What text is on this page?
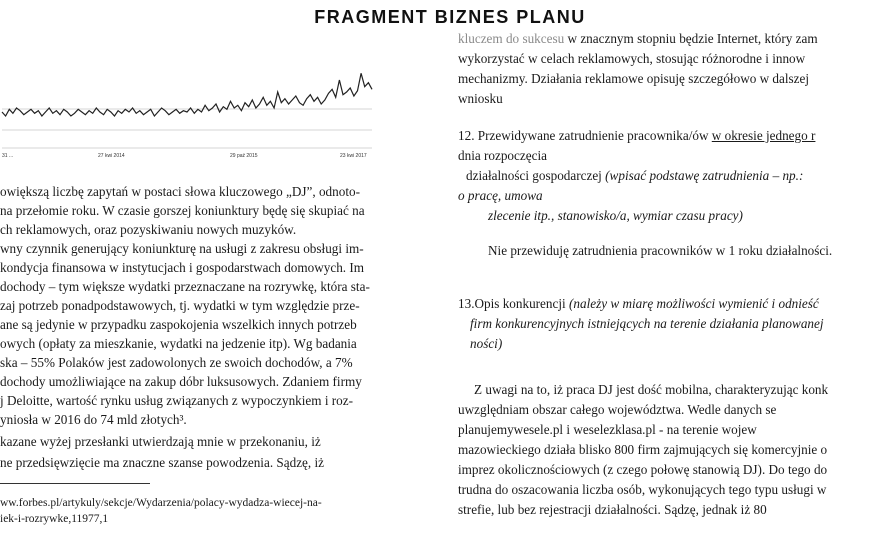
FRAGMENT BIZNES PLANU
31 ...	27 kwi 2014	29 paź 2015	23 kwi 2017
owiększą liczbę zapytań w postaci słowa kluczowego „DJ”, odnoto-
na przełomie roku. W czasie gorszej koniunktury będę się skupiać na
ch reklamowych, oraz pozyskiwaniu nowych muzyków.
wny czynnik generujący koniunkturę na usługi z zakresu obsługi im-
kondycja finansowa w instytucjach i gospodarstwach domowych. Im
dochody – tym większe wydatki przeznaczane na rozrywkę, która sta-
zaj potrzeb ponadpodstawowych, tj. wydatki w tym względzie prze-
ane są jedynie w przypadku zaspokojenia wszelkich innych potrzeb
owych (opłaty za mieszkanie, wydatki na jedzenie itp). Wg badania
ska – 55% Polaków jest zadowolonych ze swoich dochodów, a 7%
dochody umożliwiające na zakup dóbr luksusowych. Zdaniem firmy
j Deloitte, wartość rynku usług związanych z wypoczynkiem i roz-
yniosła w 2016 do 74 mld złotych³.
kazane wyżej przesłanki utwierdzają mnie w przekonaniu, iż
ne przedsięwzięcie ma znaczne szanse powodzenia. Sądzę, iż
ww.forbes.pl/artykuly/sekcje/Wydarzenia/polacy-wydadza-wiecej-na-
iek-i-rozrywke,11977,1
kluczem do sukcesu w znacznym stopniu będzie Internet, który zam
wykorzystać w celach reklamowych, stosując różnorodne i innow
mechanizmy. Działania reklamowe opisuję szczegółowo w dalszej
wniosku
12. Przewidywane zatrudnienie pracownika/ów w okresie jednego r
dnia rozpoczęcia
działalności gospodarczej (wpisać podstawę zatrudnienia – np.:
o pracę, umowa
zlecenie itp., stanowisko/a, wymiar czasu pracy)
Nie przewiduję zatrudnienia pracowników w 1 roku działalności.
13.Opis konkurencji (należy w miarę możliwości wymienić i odnieść
firm konkurencyjnych istniejących na terenie działania planowanej
ności)
Z uwagi na to, iż praca DJ jest dość mobilna, charakteryzując konk
uwzględniam obszar całego województwa. Wedle danych se
planujemywesele.pl i weselezklasa.pl - na terenie wojew
mazowieckiego działa blisko 800 firm zajmujących się komercyjnie o
imprez okolicznościowych (z czego połowę stanowią DJ). Do tego do
trudna do oszacowania liczba osób, wykonujących tego typu usługi w
strefie, lub bez rejestracji działalności. Sądzę, jednak iż 80
